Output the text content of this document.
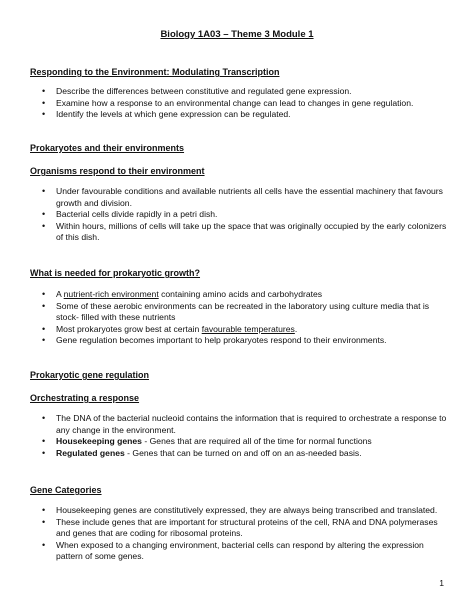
Biology 1A03 – Theme 3 Module 1
Responding to the Environment: Modulating Transcription
• Describe the differences between constitutive and regulated gene expression.
• Examine how a response to an environmental change can lead to changes in gene regulation.
• Identify the levels at which gene expression can be regulated.
Prokaryotes and their environments
Organisms respond to their environment
• Under favourable conditions and available nutrients all cells have the essential machinery that favours growth and division.
• Bacterial cells divide rapidly in a petri dish.
• Within hours, millions of cells will take up the space that was originally occupied by the early colonizers of this dish.
What is needed for prokaryotic growth?
• A nutrient-rich environment containing amino acids and carbohydrates
• Some of these aerobic environments can be recreated in the laboratory using culture media that is stock- filled with these nutrients
• Most prokaryotes grow best at certain favourable temperatures.
• Gene regulation becomes important to help prokaryotes respond to their environments.
Prokaryotic gene regulation
Orchestrating a response
• The DNA of the bacterial nucleoid contains the information that is required to orchestrate a response to any change in the environment.
• Housekeeping genes - Genes that are required all of the time for normal functions
• Regulated genes - Genes that can be turned on and off on an as-needed basis.
Gene Categories
• Housekeeping genes are constitutively expressed, they are always being transcribed and translated.
• These include genes that are important for structural proteins of the cell, RNA and DNA polymerases and genes that are coding for ribosomal proteins.
• When exposed to a changing environment, bacterial cells can respond by altering the expression pattern of some genes.
1
